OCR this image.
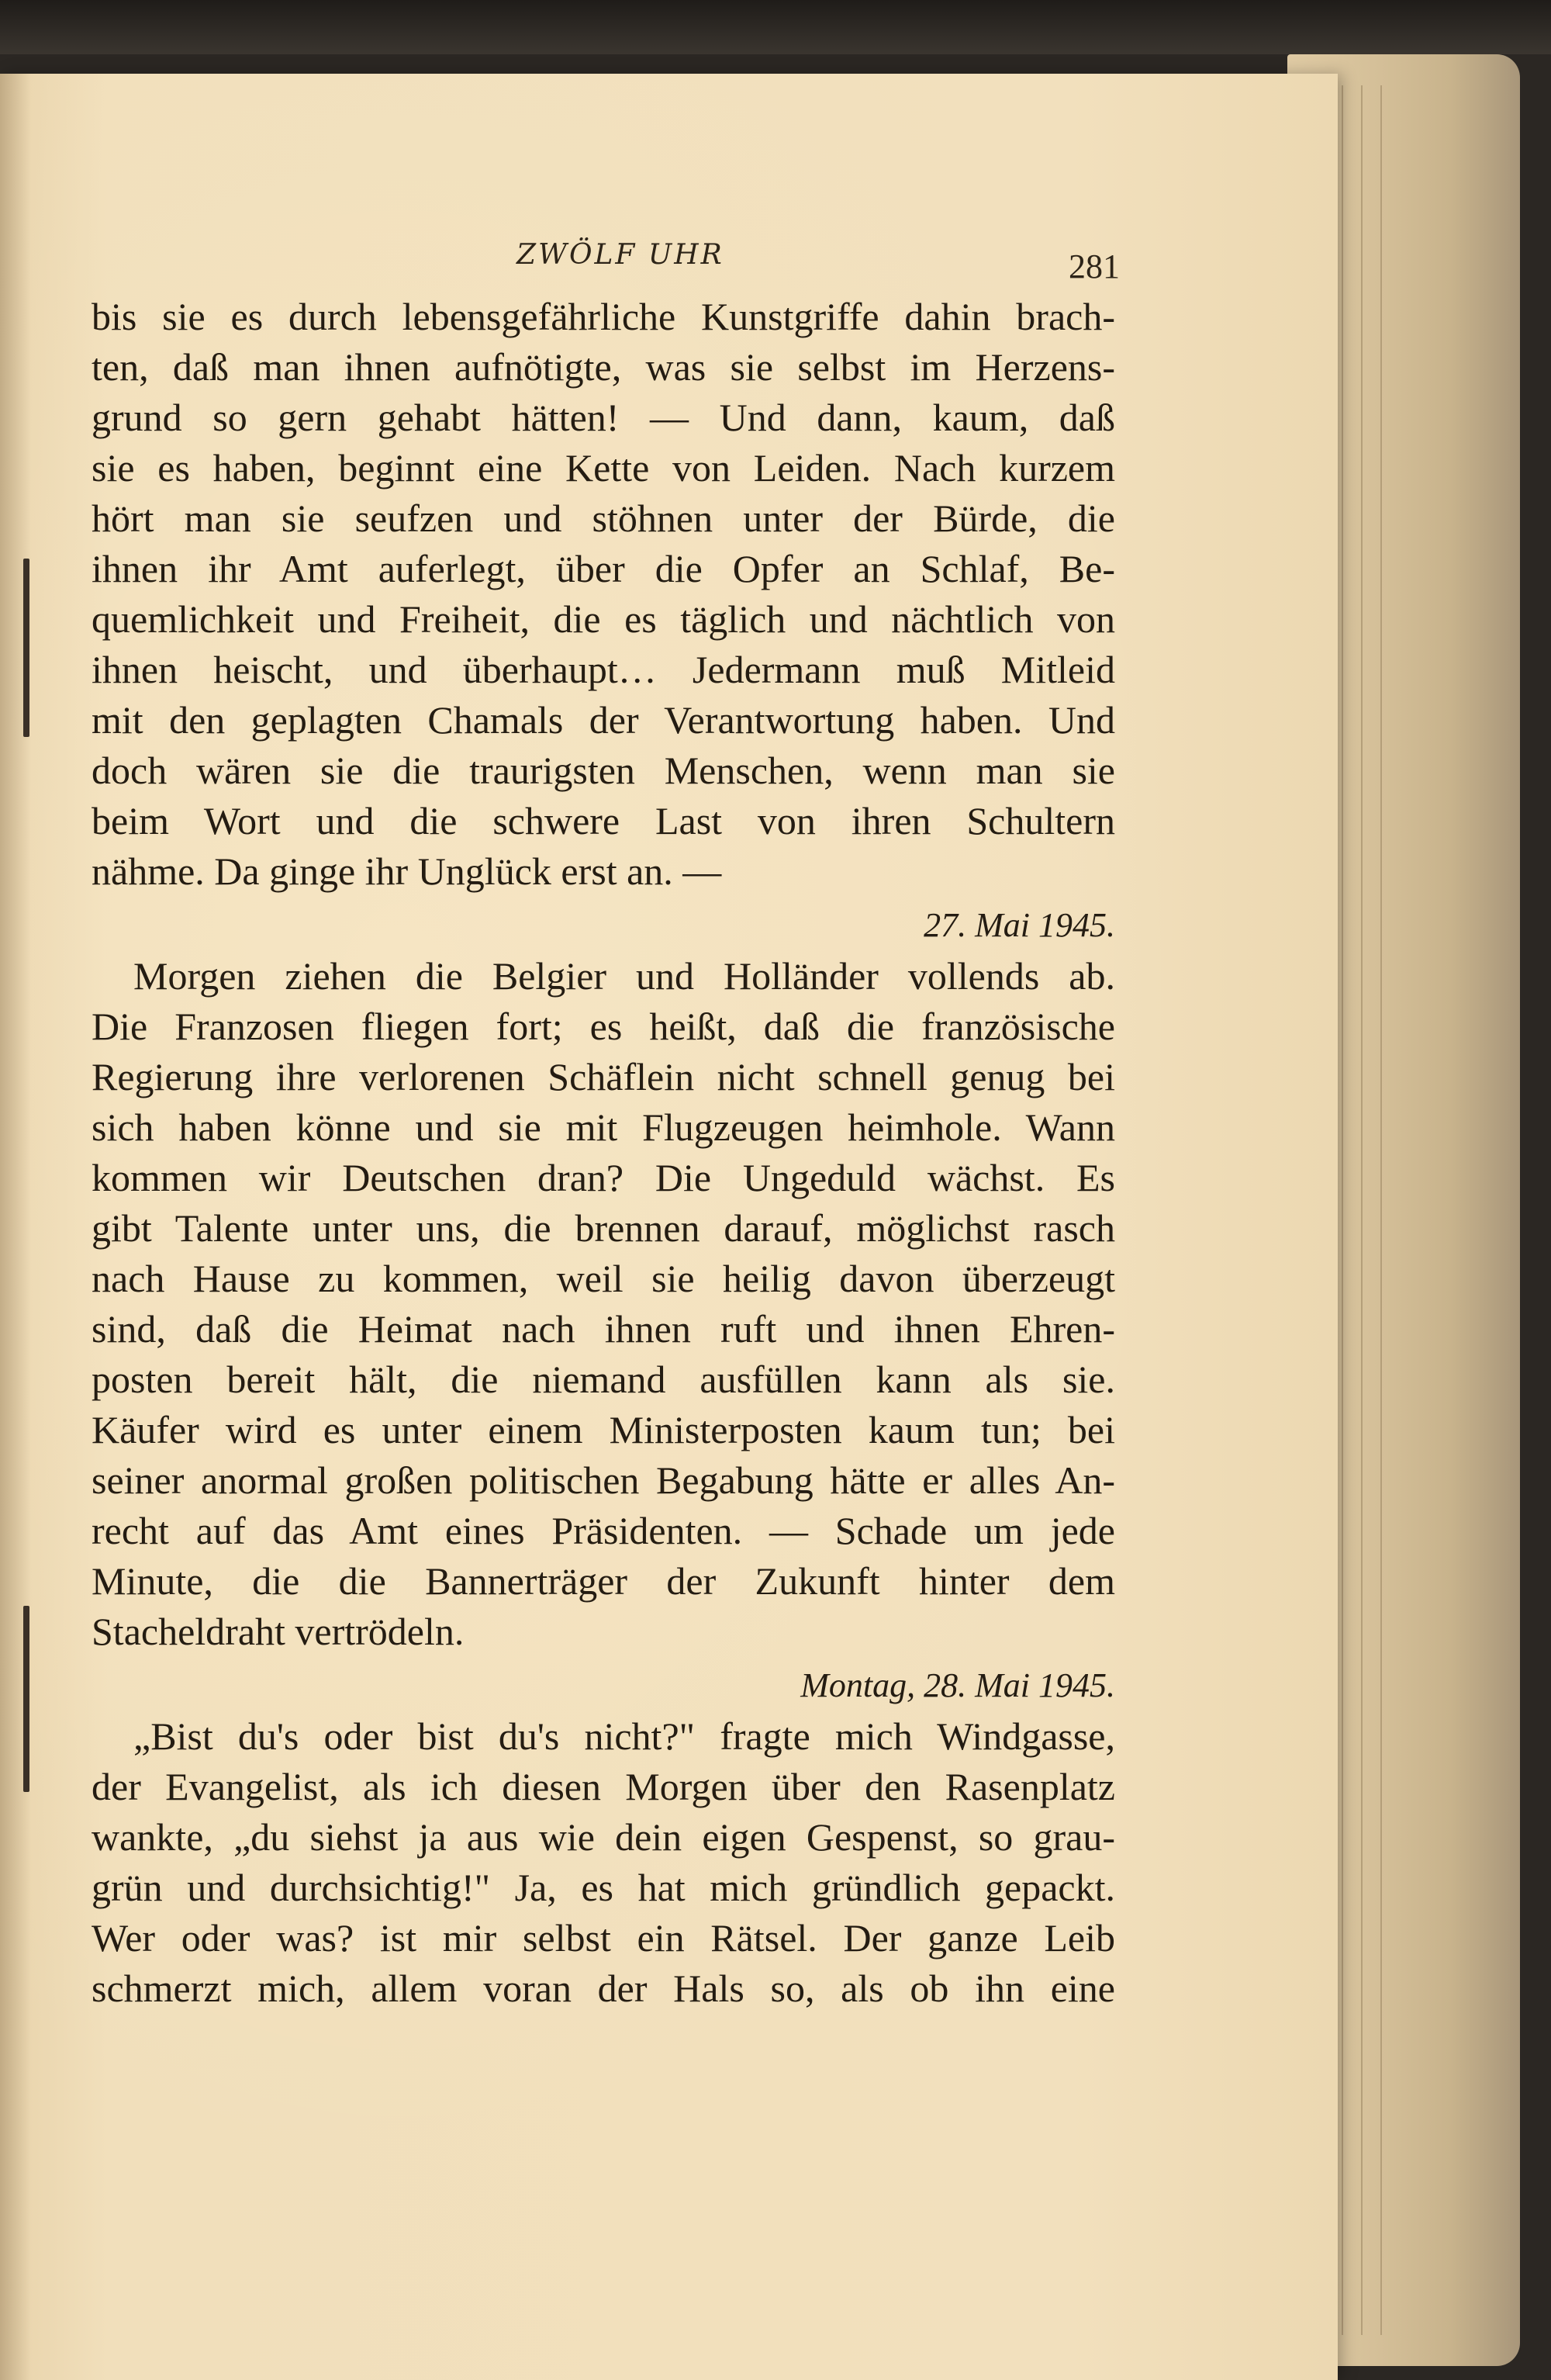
ZWÖLF UHR	281
bis sie es durch lebensgefährliche Kunstgriffe dahin brach-
ten, daß man ihnen aufnötigte, was sie selbst im Herzens-
grund so gern gehabt hätten! — Und dann, kaum, daß
sie es haben, beginnt eine Kette von Leiden. Nach kurzem
hört man sie seufzen und stöhnen unter der Bürde, die
ihnen ihr Amt auferlegt, über die Opfer an Schlaf, Be-
quemlichkeit und Freiheit, die es täglich und nächtlich von
ihnen heischt, und überhaupt… Jedermann muß Mitleid
mit den geplagten Chamals der Verantwortung haben. Und
doch wären sie die traurigsten Menschen, wenn man sie
beim Wort und die schwere Last von ihren Schultern
nähme. Da ginge ihr Unglück erst an. —
27. Mai 1945.
Morgen ziehen die Belgier und Holländer vollends ab.
Die Franzosen fliegen fort; es heißt, daß die französische
Regierung ihre verlorenen Schäflein nicht schnell genug bei
sich haben könne und sie mit Flugzeugen heimhole. Wann
kommen wir Deutschen dran? Die Ungeduld wächst. Es
gibt Talente unter uns, die brennen darauf, möglichst rasch
nach Hause zu kommen, weil sie heilig davon überzeugt
sind, daß die Heimat nach ihnen ruft und ihnen Ehren-
posten bereit hält, die niemand ausfüllen kann als sie.
Käufer wird es unter einem Ministerposten kaum tun; bei
seiner anormal großen politischen Begabung hätte er alles An-
recht auf das Amt eines Präsidenten. — Schade um jede
Minute, die die Bannerträger der Zukunft hinter dem
Stacheldraht vertrödeln.
Montag, 28. Mai 1945.
„Bist du's oder bist du's nicht?" fragte mich Windgasse,
der Evangelist, als ich diesen Morgen über den Rasenplatz
wankte, „du siehst ja aus wie dein eigen Gespenst, so grau-
grün und durchsichtig!" Ja, es hat mich gründlich gepackt.
Wer oder was? ist mir selbst ein Rätsel. Der ganze Leib
schmerzt mich, allem voran der Hals so, als ob ihn eine
